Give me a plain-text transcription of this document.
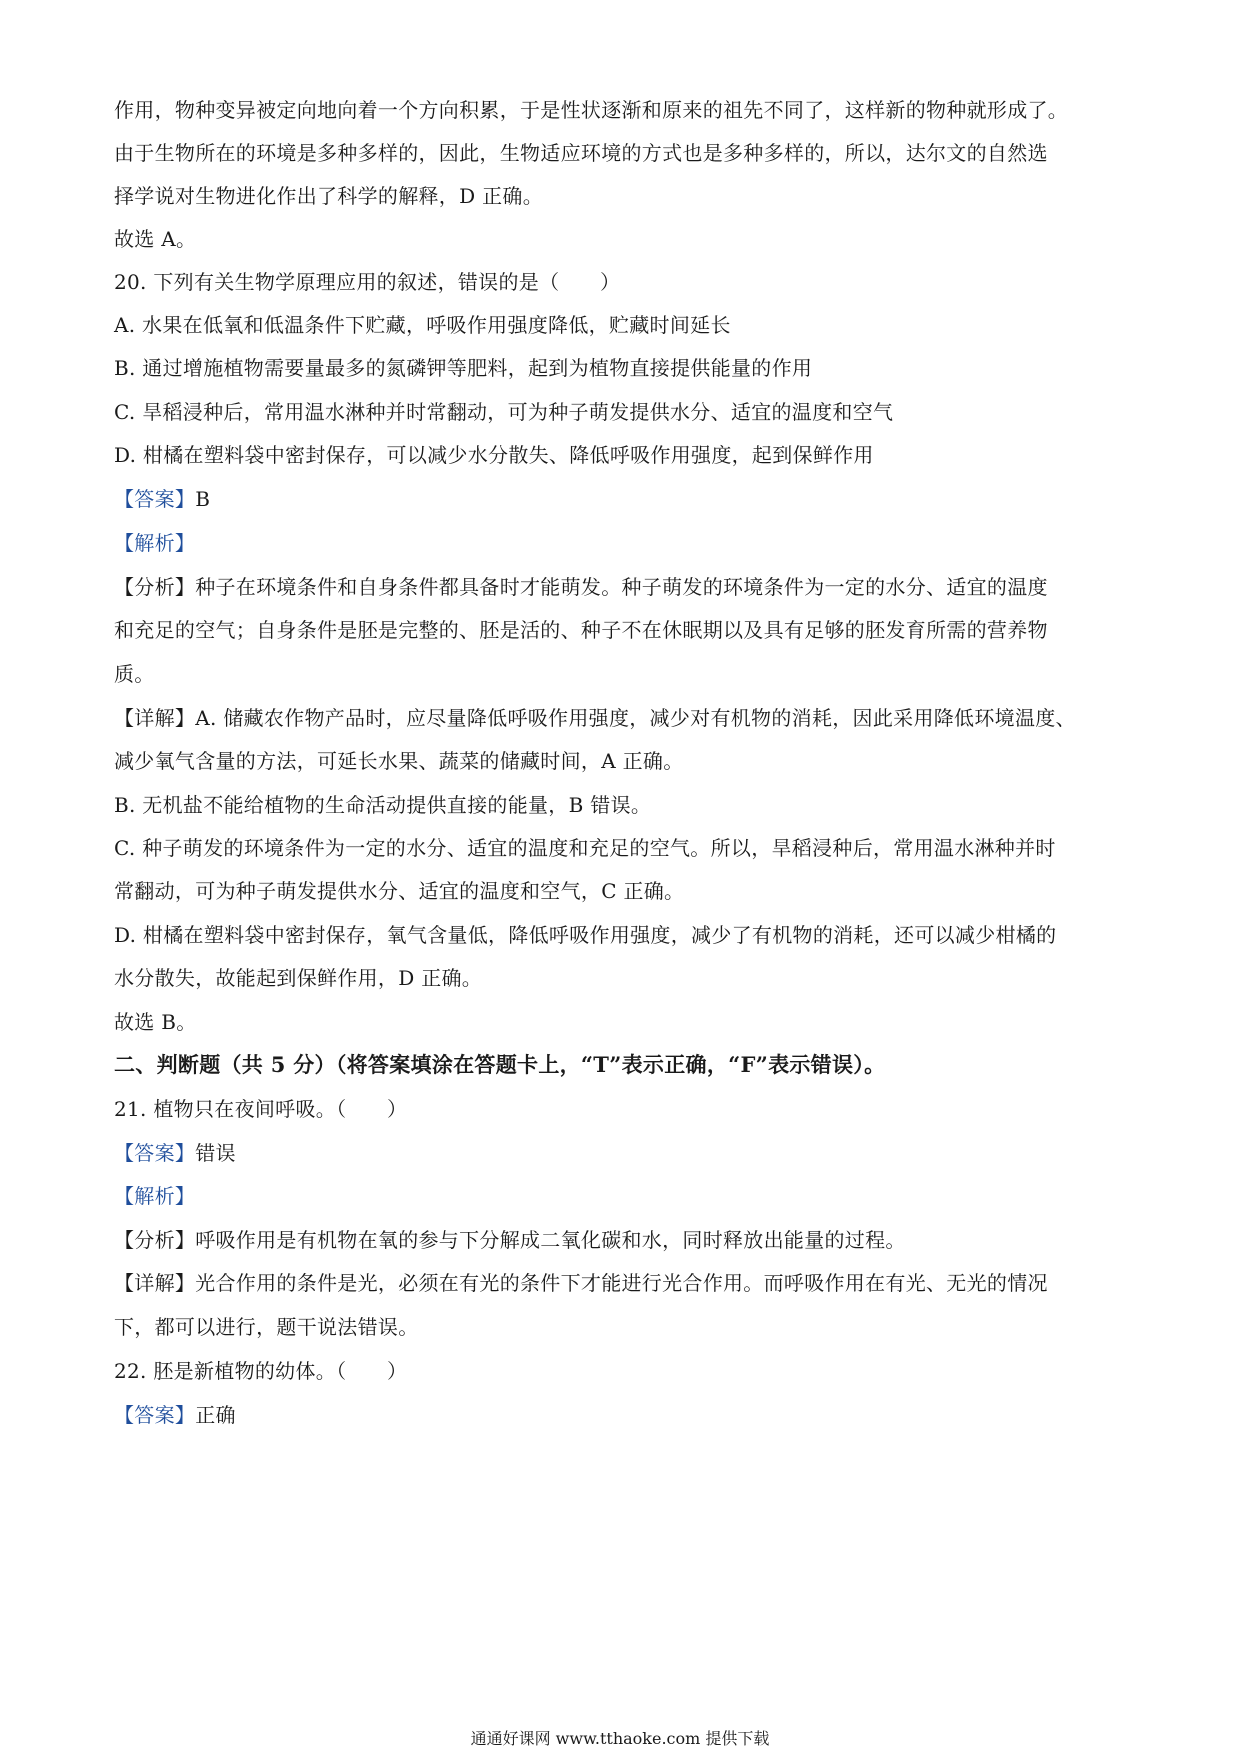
作用，物种变异被定向地向着一个方向积累，于是性状逐渐和原来的祖先不同了，这样新的物种就形成了。
由于生物所在的环境是多种多样的，因此，生物适应环境的方式也是多种多样的，所以，达尔文的自然选
择学说对生物进化作出了科学的解释，D 正确。
故选 A。
20. 下列有关生物学原理应用的叙述，错误的是（　　）
A. 水果在低氧和低温条件下贮藏，呼吸作用强度降低，贮藏时间延长
B. 通过增施植物需要量最多的氮磷钾等肥料，起到为植物直接提供能量的作用
C. 旱稻浸种后，常用温水淋种并时常翻动，可为种子萌发提供水分、适宜的温度和空气
D. 柑橘在塑料袋中密封保存，可以减少水分散失、降低呼吸作用强度，起到保鲜作用
【答案】B
【解析】
【分析】种子在环境条件和自身条件都具备时才能萌发。种子萌发的环境条件为一定的水分、适宜的温度
和充足的空气；自身条件是胚是完整的、胚是活的、种子不在休眠期以及具有足够的胚发育所需的营养物
质。
【详解】A. 储藏农作物产品时，应尽量降低呼吸作用强度，减少对有机物的消耗，因此采用降低环境温度、
减少氧气含量的方法，可延长水果、蔬菜的储藏时间，A 正确。
B. 无机盐不能给植物的生命活动提供直接的能量，B 错误。
C. 种子萌发的环境条件为一定的水分、适宜的温度和充足的空气。所以，旱稻浸种后，常用温水淋种并时
常翻动，可为种子萌发提供水分、适宜的温度和空气，C 正确。
D. 柑橘在塑料袋中密封保存，氧气含量低，降低呼吸作用强度，减少了有机物的消耗，还可以减少柑橘的
水分散失，故能起到保鲜作用，D 正确。
故选 B。
二、判断题（共 5 分）（将答案填涂在答题卡上，“T”表示正确，“F”表示错误）。
21. 植物只在夜间呼吸。（　　）
【答案】错误
【解析】
【分析】呼吸作用是有机物在氧的参与下分解成二氧化碳和水，同时释放出能量的过程。
【详解】光合作用的条件是光，必须在有光的条件下才能进行光合作用。而呼吸作用在有光、无光的情况
下，都可以进行，题干说法错误。
22. 胚是新植物的幼体。（　　）
【答案】正确
通通好课网 www.tthaoke.com 提供下载
